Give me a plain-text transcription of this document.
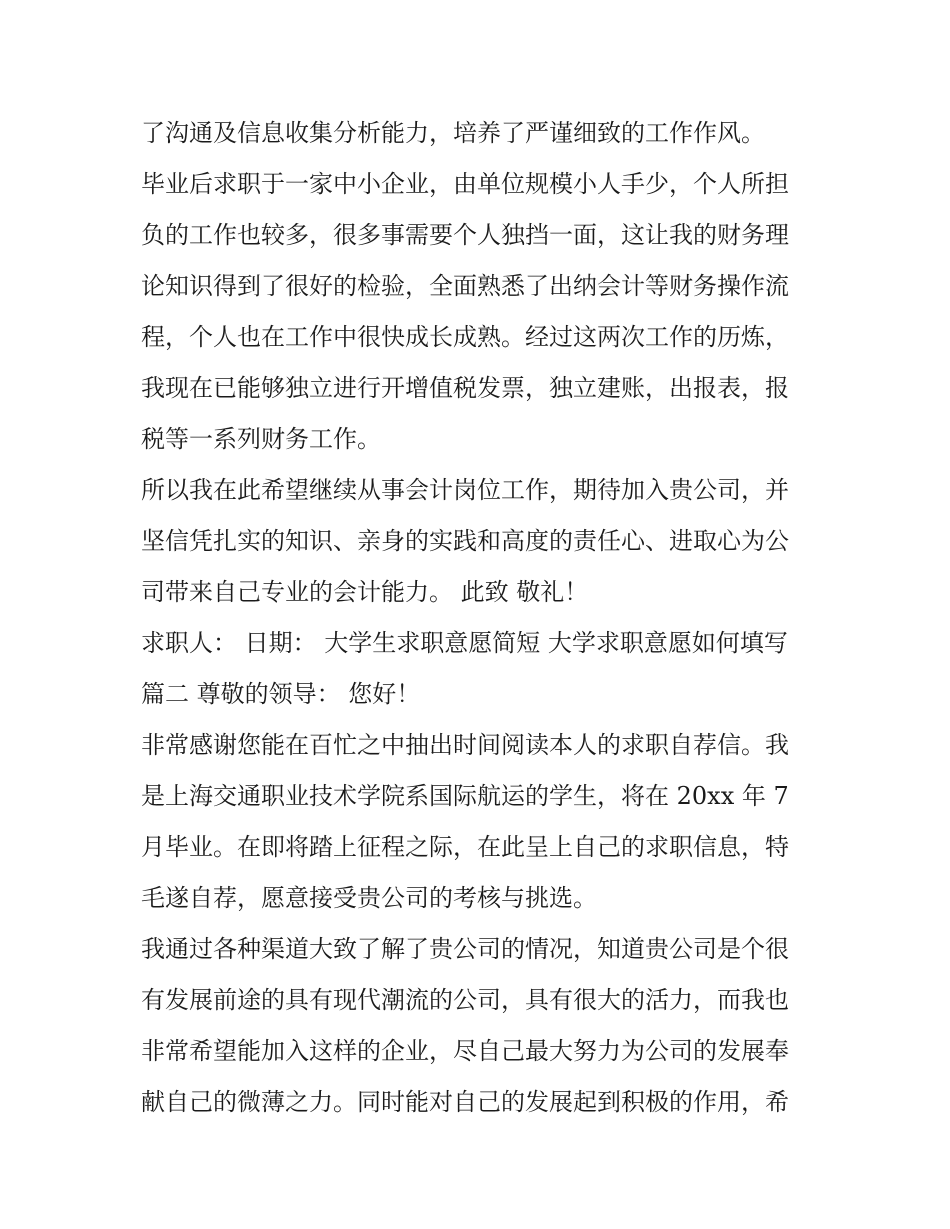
了沟通及信息收集分析能力，培养了严谨细致的工作作风。
毕业后求职于一家中小企业，由单位规模小人手少，个人所担
负的工作也较多，很多事需要个人独挡一面，这让我的财务理
论知识得到了很好的检验，全面熟悉了出纳会计等财务操作流
程，个人也在工作中很快成长成熟。经过这两次工作的历炼，
我现在已能够独立进行开增值税发票，独立建账，出报表，报
税等一系列财务工作。
所以我在此希望继续从事会计岗位工作，期待加入贵公司，并
坚信凭扎实的知识、亲身的实践和高度的责任心、进取心为公
司带来自己专业的会计能力。 此致 敬礼！
求职人： 日期： 大学生求职意愿简短 大学求职意愿如何填写
篇二 尊敬的领导： 您好！
非常感谢您能在百忙之中抽出时间阅读本人的求职自荐信。我
是上海交通职业技术学院系国际航运的学生，将在 20xx 年 7
月毕业。在即将踏上征程之际，在此呈上自己的求职信息，特
毛遂自荐，愿意接受贵公司的考核与挑选。
我通过各种渠道大致了解了贵公司的情况，知道贵公司是个很
有发展前途的具有现代潮流的公司，具有很大的活力，而我也
非常希望能加入这样的企业，尽自己最大努力为公司的发展奉
献自己的微薄之力。同时能对自己的发展起到积极的作用，希
